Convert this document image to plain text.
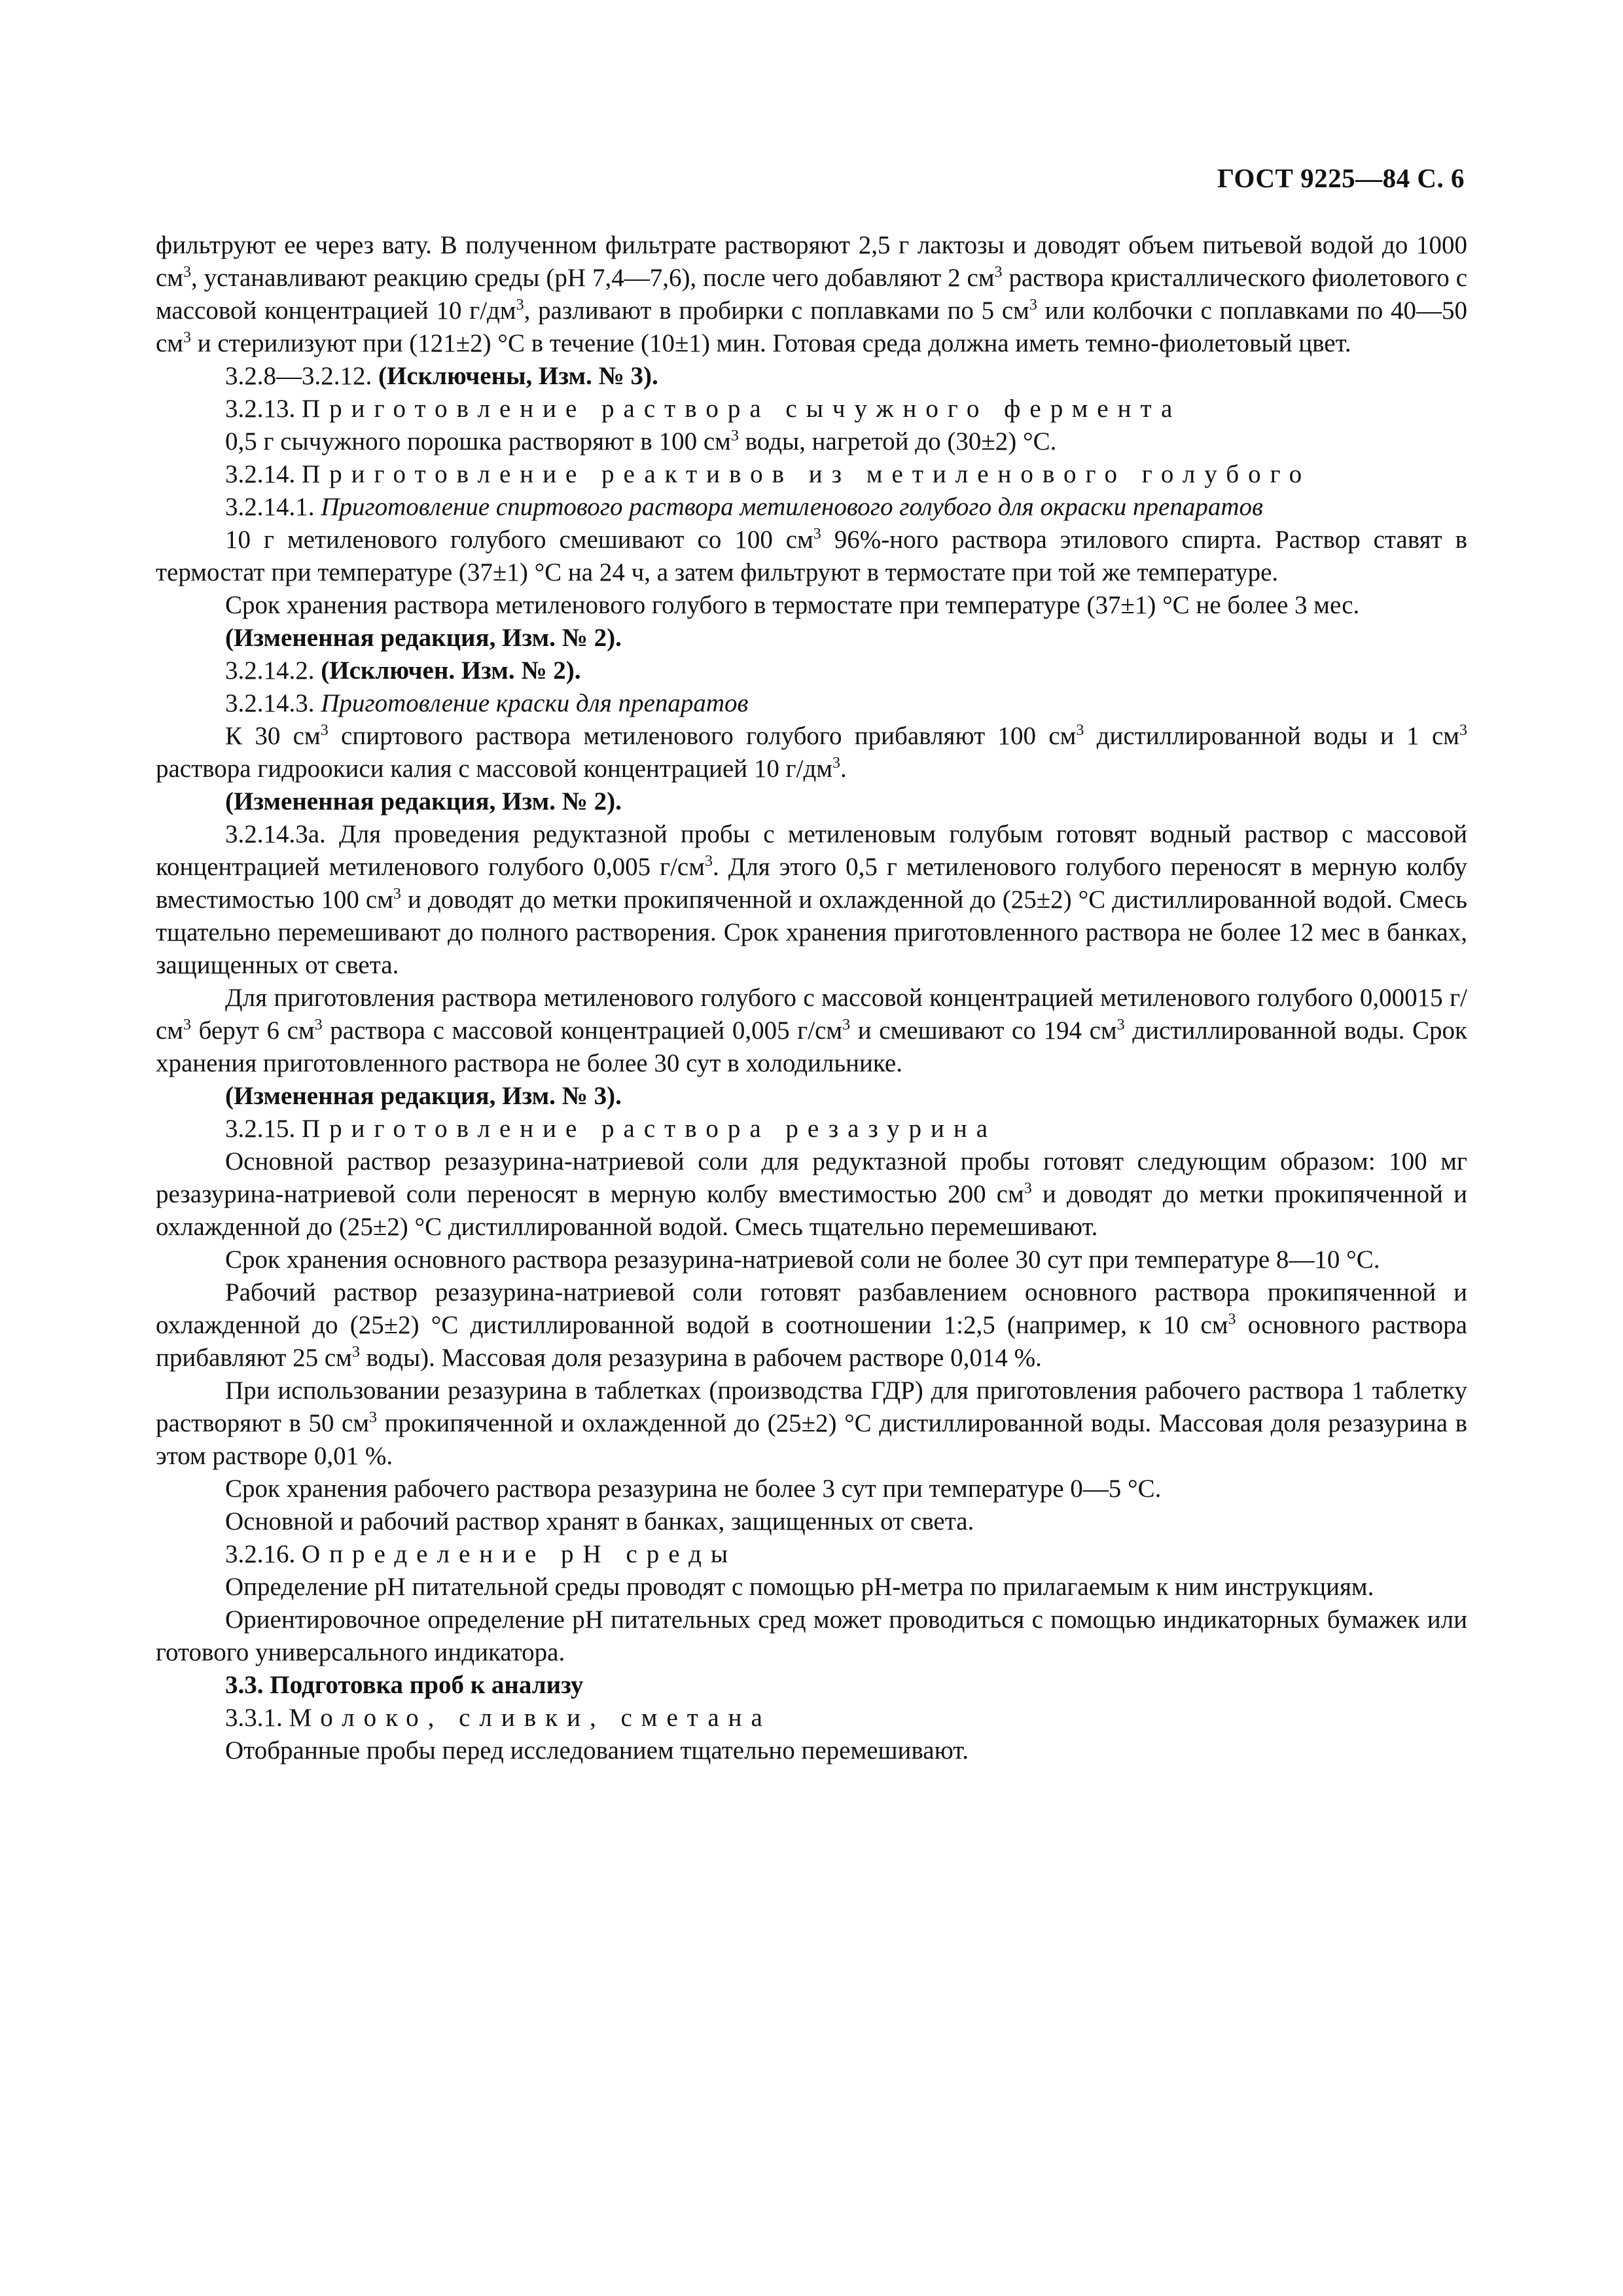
ГОСТ 9225—84 С. 6

фильтруют ее через вату. В полученном фильтрате растворяют 2,5 г лактозы и доводят объем питьевой водой до 1000 $см^3$, устанавливают реакцию среды (pH 7,4—7,6), после чего добавляют 2 $см^3$ раствора кристаллического фиолетового с массовой концентрацией 10 $г/дм^3$, разливают в пробирки с поплавками по 5 $см^3$ или колбочки с поплавками по 40—50 $см^3$ и стерилизуют при (121±2) °С в течение (10±1) мин. Готовая среда должна иметь темно-фиолетовый цвет.

3.2.8—3.2.12. (Исключены, Изм. № 3).

3.2.13. Приготовление раствора сычужного фермента

0,5 г сычужного порошка растворяют в 100 $см^3$ воды, нагретой до (30±2) °С.

3.2.14. Приготовление реактивов из метиленового голубого

3.2.14.1. Приготовление спиртового раствора метиленового голубого для окраски препаратов

10 г метиленового голубого смешивают со 100 $см^3$ 96%-ного раствора этилового спирта. Раствор ставят в термостат при температуре (37±1) °С на 24 ч, а затем фильтруют в термостате при той же температуре.

Срок хранения раствора метиленового голубого в термостате при температуре (37±1) °С не более 3 мес.

(Измененная редакция, Изм. № 2).

3.2.14.2. (Исключен. Изм. № 2).

3.2.14.3. Приготовление краски для препаратов

К 30 $см^3$ спиртового раствора метиленового голубого прибавляют 100 $см^3$ дистиллированной воды и 1 $см^3$ раствора гидроокиси калия с массовой концентрацией 10 $г/дм^3$.

(Измененная редакция, Изм. № 2).

3.2.14.3а. Для проведения редуктазной пробы с метиленовым голубым готовят водный раствор с массовой концентрацией метиленового голубого 0,005 $г/см^3$. Для этого 0,5 г метиленового голубого переносят в мерную колбу вместимостью 100 $см^3$ и доводят до метки прокипяченной и охлажденной до (25±2) °С дистиллированной водой. Смесь тщательно перемешивают до полного растворения. Срок хранения приготовленного раствора не более 12 мес в банках, защищенных от света.

Для приготовления раствора метиленового голубого с массовой концентрацией метиленового голубого 0,00015 $г/см^3$ берут 6 $см^3$ раствора с массовой концентрацией 0,005 $г/см^3$ и смешивают со 194 $см^3$ дистиллированной воды. Срок хранения приготовленного раствора не более 30 сут в холодильнике.

(Измененная редакция, Изм. № 3).

3.2.15. Приготовление раствора резазурина

Основной раствор резазурина-натриевой соли для редуктазной пробы готовят следующим образом: 100 мг резазурина-натриевой соли переносят в мерную колбу вместимостью 200 $см^3$ и доводят до метки прокипяченной и охлажденной до (25±2) °С дистиллированной водой. Смесь тщательно перемешивают.

Срок хранения основного раствора резазурина-натриевой соли не более 30 сут при температуре 8—10 °С.

Рабочий раствор резазурина-натриевой соли готовят разбавлением основного раствора прокипяченной и охлажденной до (25±2) °С дистиллированной водой в соотношении 1:2,5 (например, к 10 $см^3$ основного раствора прибавляют 25 $см^3$ воды). Массовая доля резазурина в рабочем растворе 0,014 %.

При использовании резазурина в таблетках (производства ГДР) для приготовления рабочего раствора 1 таблетку растворяют в 50 $см^3$ прокипяченной и охлажденной до (25±2) °С дистиллированной воды. Массовая доля резазурина в этом растворе 0,01 %.

Срок хранения рабочего раствора резазурина не более 3 сут при температуре 0—5 °С.

Основной и рабочий раствор хранят в банках, защищенных от света.

3.2.16. Определение pH среды

Определение pH питательной среды проводят с помощью pH-метра по прилагаемым к ним инструкциям.

Ориентировочное определение pH питательных сред может проводиться с помощью индикаторных бумажек или готового универсального индикатора.

3.3. Подготовка проб к анализу

3.3.1. Молоко, сливки, сметана

Отобранные пробы перед исследованием тщательно перемешивают.
